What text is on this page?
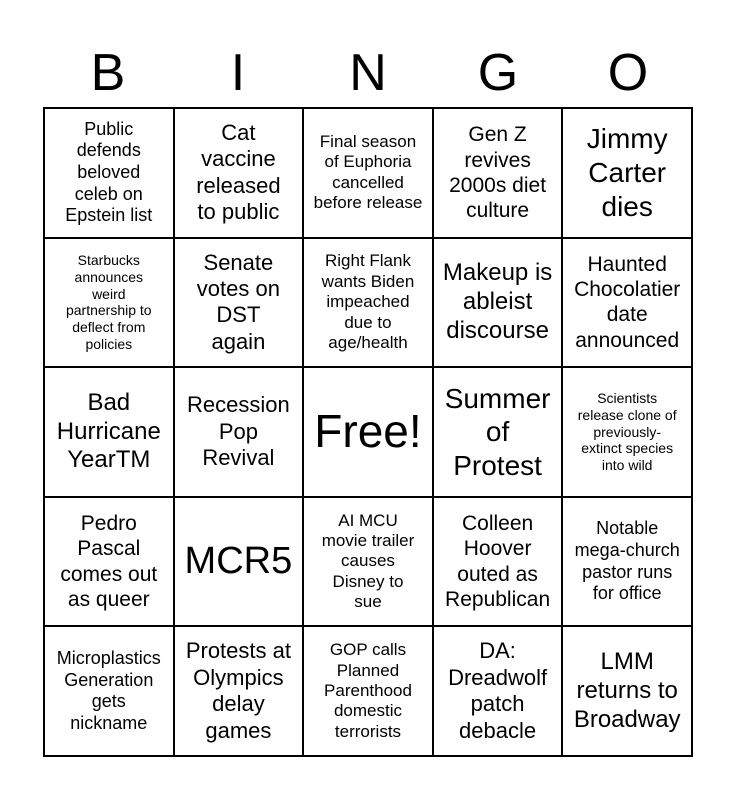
B	I	N	G	O
Public defends beloved celeb on Epstein list
Cat vaccine released to public
Final season of Euphoria cancelled before release
Gen Z revives 2000s diet culture
Jimmy Carter dies
Starbucks announces weird partnership to deflect from policies
Senate votes on DST again
Right Flank wants Biden impeached due to age/health
Makeup is ableist discourse
Haunted Chocolatier date announced
Bad Hurricane YearTM
Recession Pop Revival
Free!
Summer of Protest
Scientists release clone of previously-extinct species into wild
Pedro Pascal comes out as queer
MCR5
AI MCU movie trailer causes Disney to sue
Colleen Hoover outed as Republican
Notable mega-church pastor runs for office
Microplastics Generation gets nickname
Protests at Olympics delay games
GOP calls Planned Parenthood domestic terrorists
DA: Dreadwolf patch debacle
LMM returns to Broadway
